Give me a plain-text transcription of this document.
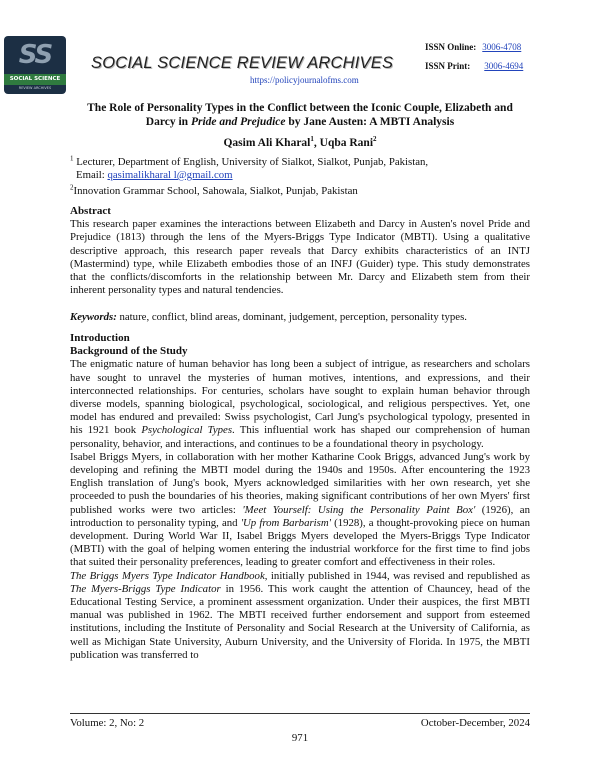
SS
SOCIAL SCIENCE
REVIEW ARCHIVES
SOCIAL SCIENCE REVIEW ARCHIVES
https://policyjournalofms.com
ISSN Online: 3006-4708
ISSN Print: 3006-4694
The Role of Personality Types in the Conflict between the Iconic Couple, Elizabeth and
Darcy in Pride and Prejudice by Jane Austen: A MBTI Analysis
Qasim Ali Kharal$^1$, Uqba Rani$^2$
$^1$ Lecturer, Department of English, University of Sialkot, Sialkot, Punjab, Pakistan,
Email: qasimalikharal l@gmail.com
$^2$Innovation Grammar School, Sahowala, Sialkot, Punjab, Pakistan
Abstract
This research paper examines the interactions between Elizabeth and Darcy in Austen's novel Pride and Prejudice (1813) through the lens of the Myers-Briggs Type Indicator (MBTI). Using a qualitative descriptive approach, this research paper reveals that Darcy exhibits characteristics of an INTJ (Mastermind) type, while Elizabeth embodies those of an INFJ (Guider) type. This study demonstrates that the conflicts/discomforts in the relationship between Mr. Darcy and Elizabeth stem from their inherent personality types and natural tendencies.
Keywords: nature, conflict, blind areas, dominant, judgement, perception, personality types.
Introduction
Background of the Study
The enigmatic nature of human behavior has long been a subject of intrigue, as researchers and scholars have sought to unravel the mysteries of human motives, intentions, and expressions, and their interconnected relationships. For centuries, scholars have sought to explain human behavior through diverse models, spanning biological, psychological, sociological, and religious perspectives. Yet, one model has endured and prevailed: Swiss psychologist, Carl Jung's psychological typology, presented in his 1921 book Psychological Types. This influential work has shaped our comprehension of human personality, behavior, and interactions, and continues to be a foundational theory in psychology.
Isabel Briggs Myers, in collaboration with her mother Katharine Cook Briggs, advanced Jung's work by developing and refining the MBTI model during the 1940s and 1950s. After encountering the 1923 English translation of Jung's book, Myers acknowledged similarities with her own research, yet she proceeded to push the boundaries of his theories, making significant contributions of her own Myers' first published works were two articles: 'Meet Yourself: Using the Personality Paint Box' (1926), an introduction to personality typing, and 'Up from Barbarism' (1928), a thought-provoking piece on human development. During World War II, Isabel Briggs Myers developed the Myers-Briggs Type Indicator (MBTI) with the goal of helping women entering the industrial workforce for the first time to find jobs that suited their personality preferences, leading to greater comfort and effectiveness in their roles.
The Briggs Myers Type Indicator Handbook, initially published in 1944, was revised and republished as The Myers-Briggs Type Indicator in 1956. This work caught the attention of Chauncey, head of the Educational Testing Service, a prominent assessment organization. Under their auspices, the first MBTI manual was published in 1962. The MBTI received further endorsement and support from esteemed institutions, including the Institute of Personality and Social Research at the University of California, as well as Michigan State University, Auburn University, and the University of Florida. In 1975, the MBTI publication was transferred to
Volume: 2, No: 2	October-December, 2024
971
